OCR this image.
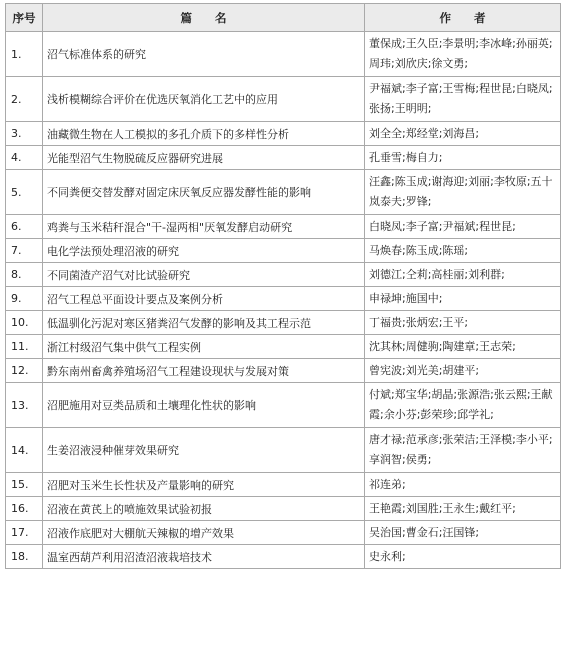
序号	篇　　名	作　　者
1.	沼气标准体系的研究	董保成;王久臣;李景明;李冰峰;孙丽英;周玮;刘欣庆;徐文勇;
2.	浅析模糊综合评价在优选厌氧消化工艺中的应用	尹福斌;李子富;王雪梅;程世昆;白晓凤;张扬;王明明;
3.	油藏微生物在人工模拟的多孔介质下的多样性分析	刘全全;郑经堂;刘海昌;
4.	光能型沼气生物脱硫反应器研究进展	孔垂雪;梅自力;
5.	不同粪便交替发酵对固定床厌氧反应器发酵性能的影响	汪鑫;陈玉成;谢海迎;刘丽;李牧原;五十岚泰夫;罗锋;
6.	鸡粪与玉米秸秆混合"干-湿两相"厌氧发酵启动研究	白晓凤;李子富;尹福斌;程世昆;
7.	电化学法预处理沼液的研究	马焕春;陈玉成;陈瑶;
8.	不同菌渣产沼气对比试验研究	刘德江;仝莉;高桂丽;刘利群;
9.	沼气工程总平面设计要点及案例分析	申禄坤;施国中;
10.	低温驯化污泥对寒区猪粪沼气发酵的影响及其工程示范	丁福贵;张炳宏;王平;
11.	浙江村级沼气集中供气工程实例	沈其林;周健驹;陶建章;王志荣;
12.	黔东南州畜禽养殖场沼气工程建设现状与发展对策	曾宪波;刘光美;胡建平;
13.	沼肥施用对豆类品质和土壤理化性状的影响	付斌;郑宝华;胡晶;张源浩;张云熙;王献霞;余小芬;彭荣珍;邱学礼;
14.	生姜沼液浸种催芽效果研究	唐才禄;范承彦;张荣洁;王泽模;李小平;享润智;侯勇;
15.	沼肥对玉米生长性状及产量影响的研究	祁连弟;
16.	沼液在黄芪上的喷施效果试验初报	王艳霞;刘国胜;王永生;戴红平;
17.	沼液作底肥对大棚航天辣椒的增产效果	吴治国;曹金石;汪国锋;
18.	温室西葫芦利用沼渣沼液栽培技术	史永利;
